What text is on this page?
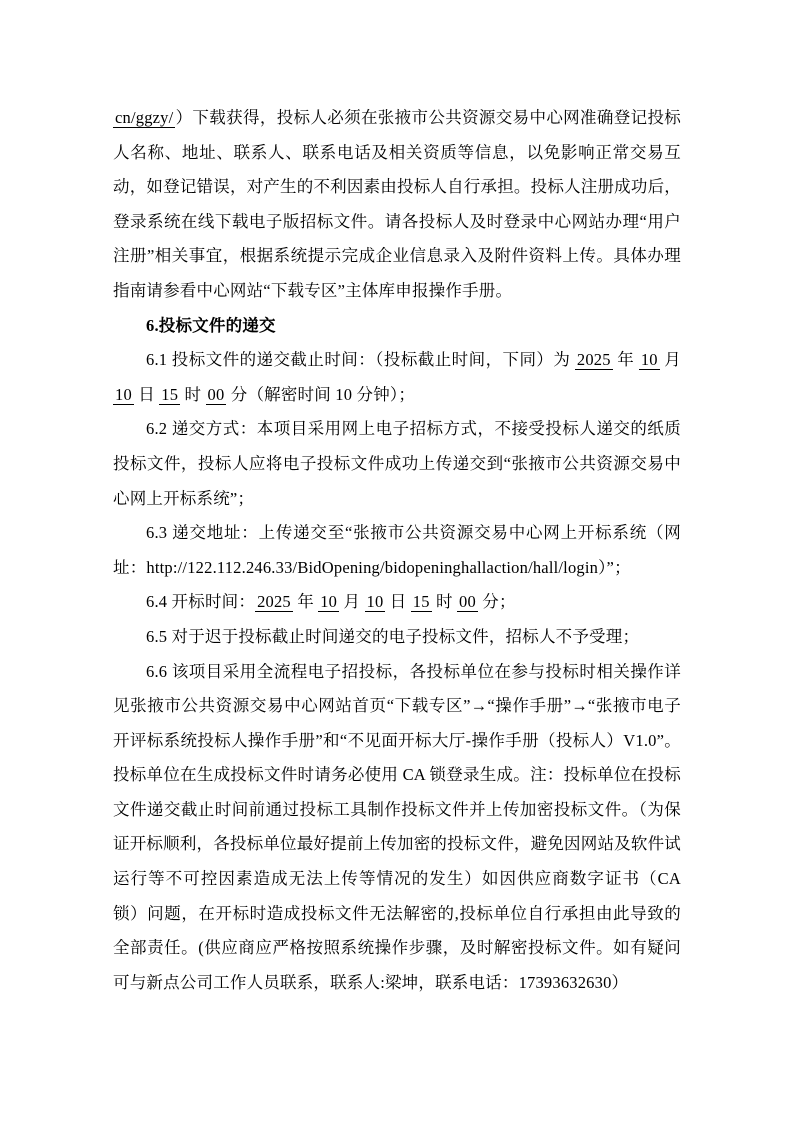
cn/ggzy/ ）下载获得，投标人必须在张掖市公共资源交易中心网准确登记投标人名称、地址、联系人、联系电话及相关资质等信息，以免影响正常交易互动，如登记错误，对产生的不利因素由投标人自行承担。投标人注册成功后，登录系统在线下载电子版招标文件。请各投标人及时登录中心网站办理“用户注册”相关事宜，根据系统提示完成企业信息录入及附件资料上传。具体办理指南请参看中心网站“下载专区”主体库申报操作手册。

6.投标文件的递交

6.1 投标文件的递交截止时间：（投标截止时间，下同）为 2025 年 10 月 10 日 15 时 00 分（解密时间 10 分钟）；

6.2 递交方式：本项目采用网上电子招标方式，不接受投标人递交的纸质投标文件，投标人应将电子投标文件成功上传递交到“张掖市公共资源交易中心网上开标系统”；

6.3 递交地址：上传递交至“张掖市公共资源交易中心网上开标系统（网址：http://122.112.246.33/BidOpening/bidopeninghallaction/hall/login）”；

6.4 开标时间： 2025 年 10 月 10 日 15 时 00 分；

6.5 对于迟于投标截止时间递交的电子投标文件，招标人不予受理；

6.6 该项目采用全流程电子招投标，各投标单位在参与投标时相关操作详见张掖市公共资源交易中心网站首页“下载专区”→“操作手册”→“张掖市电子开评标系统投标人操作手册”和“不见面开标大厅-操作手册（投标人）V1.0”。投标单位在生成投标文件时请务必使用 CA 锁登录生成。注：投标单位在投标文件递交截止时间前通过投标工具制作投标文件并上传加密投标文件。（为保证开标顺利，各投标单位最好提前上传加密的投标文件，避免因网站及软件试运行等不可控因素造成无法上传等情况的发生）如因供应商数字证书（CA 锁）问题，在开标时造成投标文件无法解密的,投标单位自行承担由此导致的全部责任。(供应商应严格按照系统操作步骤，及时解密投标文件。如有疑问可与新点公司工作人员联系，联系人:梁坤，联系电话：17393632630）
